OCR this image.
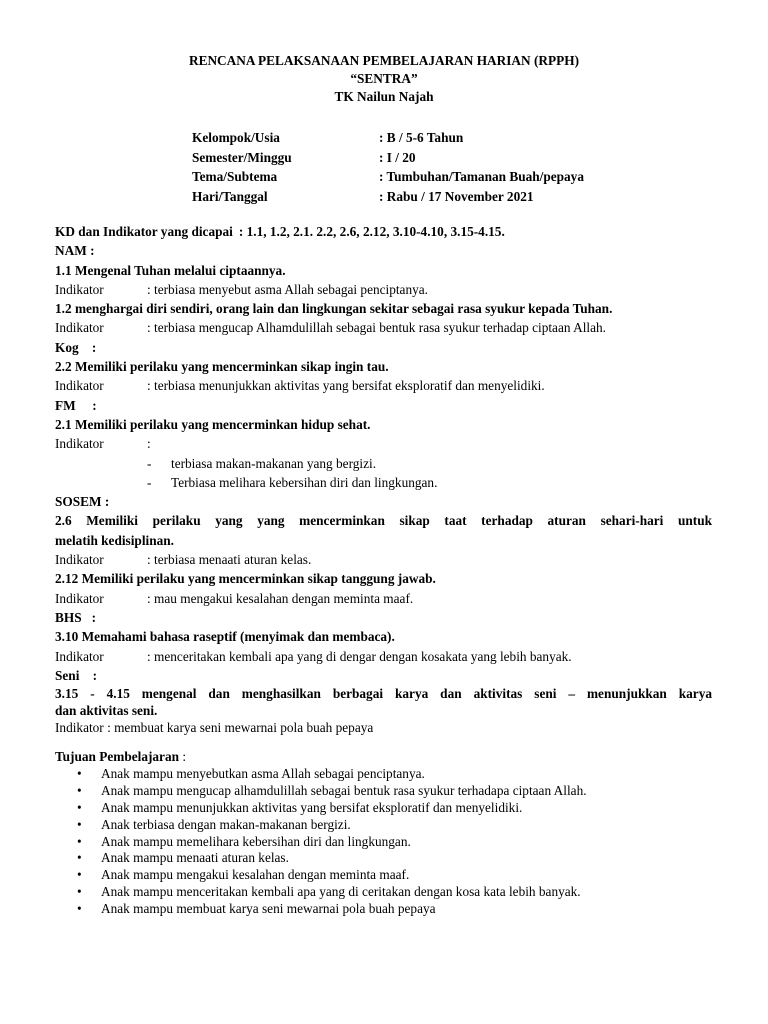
RENCANA PELAKSANAAN PEMBELAJARAN HARIAN (RPPH)
“SENTRA”
TK Nailun Najah
Kelompok/Usia	: B / 5-6 Tahun
Semester/Minggu	: I / 20
Tema/Subtema	: Tumbuhan/Tamanan Buah/pepaya
Hari/Tanggal	: Rabu / 17 November 2021
KD dan Indikator yang dicapai : 1.1, 1.2, 2.1. 2.2, 2.6, 2.12, 3.10-4.10, 3.15-4.15.
NAM :
1.1 Mengenal Tuhan melalui ciptaannya.
Indikator	: terbiasa menyebut asma Allah sebagai penciptanya.
1.2 menghargai diri sendiri, orang lain dan lingkungan sekitar sebagai rasa syukur kepada Tuhan.
Indikator	: terbiasa mengucap Alhamdulillah sebagai bentuk rasa syukur terhadap ciptaan Allah.
Kog    :
2.2 Memiliki perilaku yang mencerminkan sikap ingin tau.
Indikator	: terbiasa menunjukkan aktivitas yang bersifat eksploratif dan menyelidiki.
FM     :
2.1 Memiliki perilaku yang mencerminkan hidup sehat.
Indikator	:
-	terbiasa makan-makanan yang bergizi.
-	Terbiasa melihara kebersihan diri dan lingkungan.
SOSEM :
2.6 Memiliki perilaku yang yang mencerminkan sikap taat terhadap aturan sehari-hari untuk
melatih kedisiplinan.
Indikator	: terbiasa menaati aturan kelas.
2.12 Memiliki perilaku yang mencerminkan sikap tanggung jawab.
Indikator	: mau mengakui kesalahan dengan meminta maaf.
BHS   :
3.10 Memahami bahasa raseptif (menyimak dan membaca).
Indikator	: menceritakan kembali apa yang di dengar dengan kosakata yang lebih banyak.
Seni    :
3.15 - 4.15 mengenal dan menghasilkan berbagai karya dan aktivitas seni – menunjukkan karya
dan aktivitas seni.
Indikator : membuat karya seni mewarnai pola buah pepaya
Tujuan Pembelajaran :
•	Anak mampu menyebutkan asma Allah sebagai penciptanya.
•	Anak mampu mengucap alhamdulillah sebagai bentuk rasa syukur terhadapa ciptaan Allah.
•	Anak mampu menunjukkan aktivitas yang bersifat eksploratif dan menyelidiki.
•	Anak terbiasa dengan makan-makanan bergizi.
•	Anak mampu memelihara kebersihan diri dan lingkungan.
•	Anak mampu menaati aturan kelas.
•	Anak mampu mengakui kesalahan dengan meminta maaf.
•	Anak mampu menceritakan kembali apa yang di ceritakan dengan kosa kata lebih banyak.
•	Anak mampu membuat karya seni mewarnai pola buah pepaya
